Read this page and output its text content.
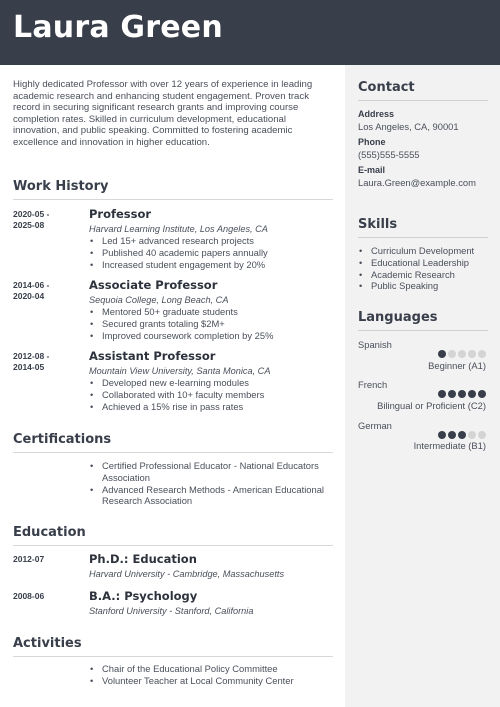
Laura Green

Highly dedicated Professor with over 12 years of experience in leading academic research and enhancing student engagement. Proven track record in securing significant research grants and improving course completion rates. Skilled in curriculum development, educational innovation, and public speaking. Committed to fostering academic excellence and innovation in higher education.

Work History
2020-05 -
2025-08
Professor
Harvard Learning Institute, Los Angeles, CA
• Led 15+ advanced research projects
• Published 40 academic papers annually
• Increased student engagement by 20%
2014-06 -
2020-04
Associate Professor
Sequoia College, Long Beach, CA
• Mentored 50+ graduate students
• Secured grants totaling $2M+
• Improved coursework completion by 25%
2012-08 -
2014-05
Assistant Professor
Mountain View University, Santa Monica, CA
• Developed new e-learning modules
• Collaborated with 10+ faculty members
• Achieved a 15% rise in pass rates
Certifications
• Certified Professional Educator - National Educators Association
• Advanced Research Methods - American Educational Research Association
Education
2012-07	Ph.D.: Education
Harvard University - Cambridge, Massachusetts
2008-06	B.A.: Psychology
Stanford University - Stanford, California
Activities
• Chair of the Educational Policy Committee
• Volunteer Teacher at Local Community Center
Contact
Address
Los Angeles, CA, 90001
Phone
(555)555-5555
E-mail
Laura.Green@example.com
Skills
• Curriculum Development
• Educational Leadership
• Academic Research
• Public Speaking
Languages
Spanish
Beginner (A1)
French
Bilingual or Proficient (C2)
German
Intermediate (B1)
